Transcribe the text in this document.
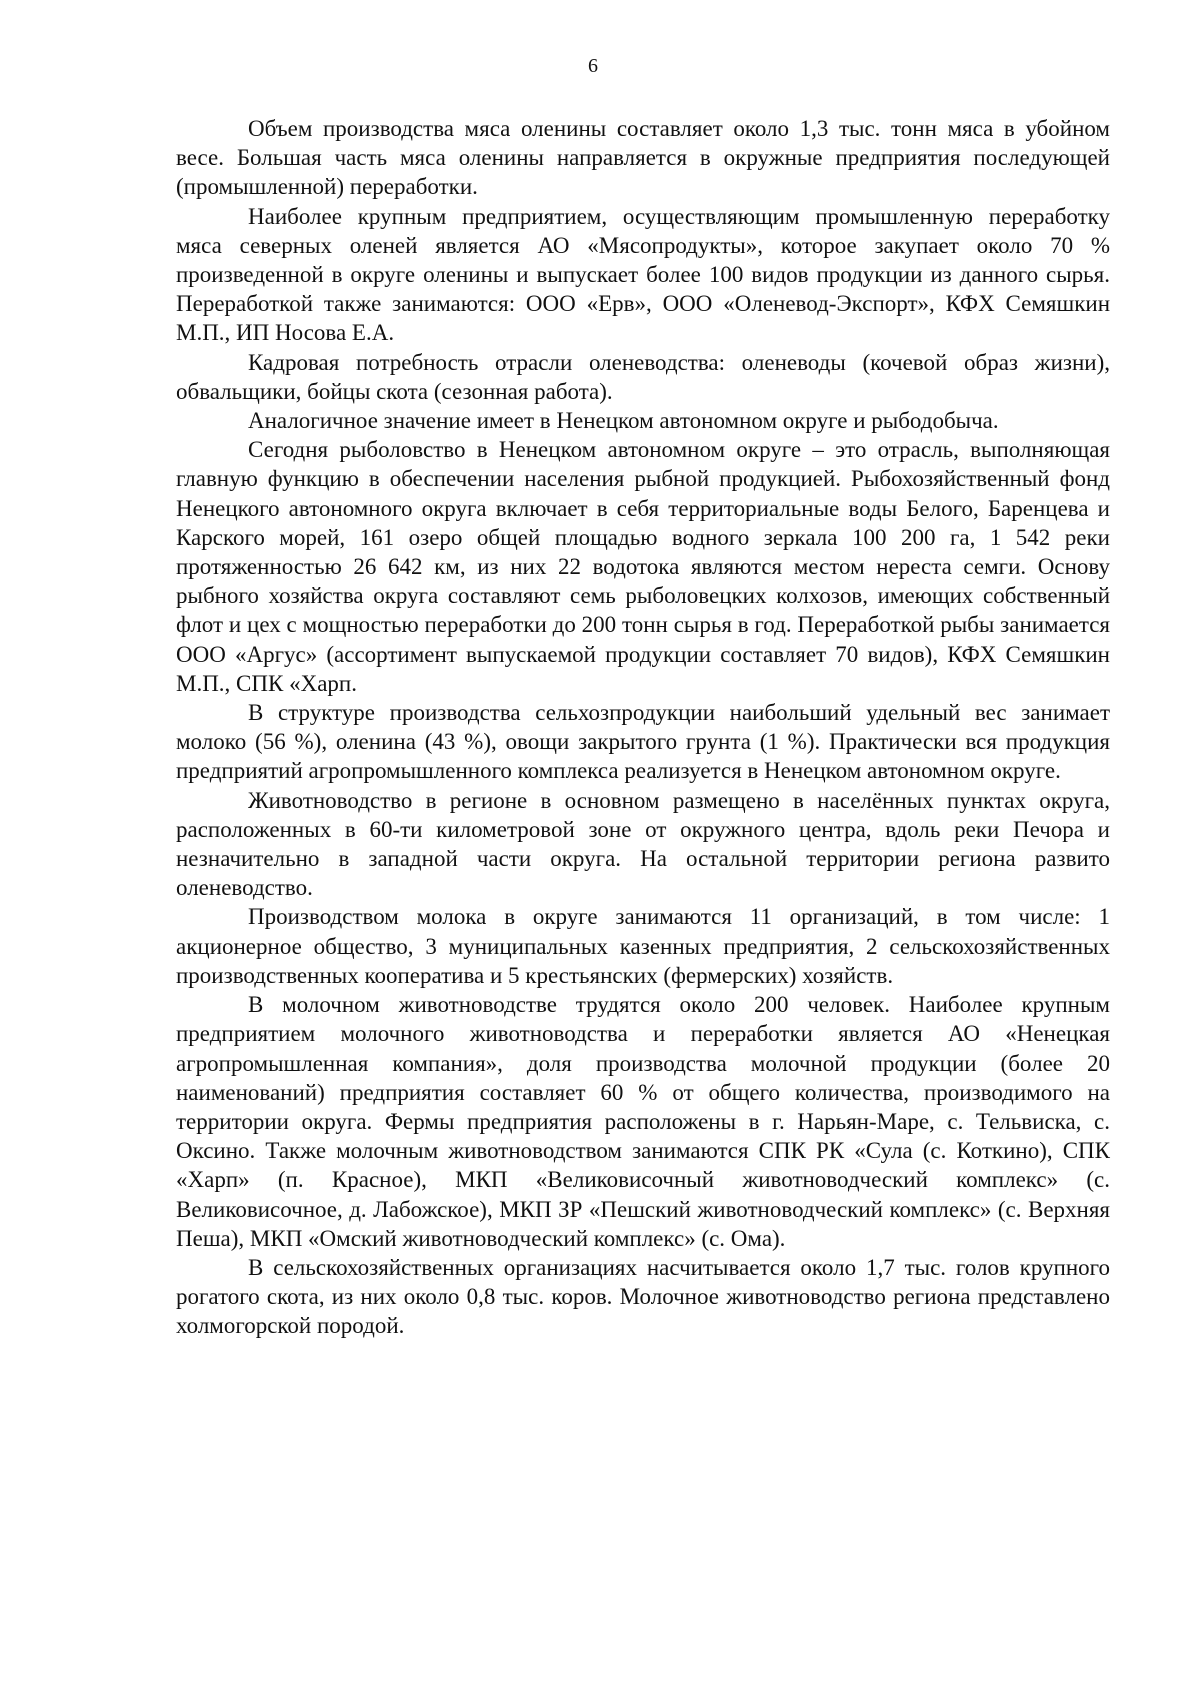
6

Объем производства мяса оленины составляет около 1,3 тыс. тонн мяса в убойном весе. Большая часть мяса оленины направляется в окружные предприятия последующей (промышленной) переработки.

Наиболее крупным предприятием, осуществляющим промышленную переработку мяса северных оленей является АО «Мясопродукты», которое закупает около 70 % произведенной в округе оленины и выпускает более 100 видов продукции из данного сырья. Переработкой также занимаются: ООО «Ерв», ООО «Оленевод-Экспорт», КФХ Семяшкин М.П., ИП Носова Е.А.

Кадровая потребность отрасли оленеводства: оленеводы (кочевой образ жизни), обвальщики, бойцы скота (сезонная работа).

Аналогичное значение имеет в Ненецком автономном округе и рыбодобыча.

Сегодня рыболовство в Ненецком автономном округе – это отрасль, выполняющая главную функцию в обеспечении населения рыбной продукцией. Рыбохозяйственный фонд Ненецкого автономного округа включает в себя территориальные воды Белого, Баренцева и Карского морей, 161 озеро общей площадью водного зеркала 100 200 га, 1 542 реки протяженностью 26 642 км, из них 22 водотока являются местом нереста семги. Основу рыбного хозяйства округа составляют семь рыболовецких колхозов, имеющих собственный флот и цех с мощностью переработки до 200 тонн сырья в год. Переработкой рыбы занимается ООО «Аргус» (ассортимент выпускаемой продукции составляет 70 видов), КФХ Семяшкин М.П., СПК «Харп.

В структуре производства сельхозпродукции наибольший удельный вес занимает молоко (56 %), оленина (43 %), овощи закрытого грунта (1 %). Практически вся продукция предприятий агропромышленного комплекса реализуется в Ненецком автономном округе.

Животноводство в регионе в основном размещено в населённых пунктах округа, расположенных в 60-ти километровой зоне от окружного центра, вдоль реки Печора и незначительно в западной части округа. На остальной территории региона развито оленеводство.

Производством молока в округе занимаются 11 организаций, в том числе: 1 акционерное общество, 3 муниципальных казенных предприятия, 2 сельскохозяйственных производственных кооператива и 5 крестьянских (фермерских) хозяйств.

В молочном животноводстве трудятся около 200 человек. Наиболее крупным предприятием молочного животноводства и переработки является АО «Ненецкая агропромышленная компания», доля производства молочной продукции (более 20 наименований) предприятия составляет 60 % от общего количества, производимого на территории округа. Фермы предприятия расположены в г. Нарьян-Маре, с. Тельвиска, с. Оксино. Также молочным животноводством занимаются СПК РК «Сула (с. Коткино), СПК «Харп» (п. Красное), МКП «Великовисочный животноводческий комплекс» (с. Великовисочное, д. Лабожское), МКП ЗР «Пешский животноводческий комплекс» (с. Верхняя Пеша), МКП «Омский животноводческий комплекс» (с. Ома).

В сельскохозяйственных организациях насчитывается около 1,7 тыс. голов крупного рогатого скота, из них около 0,8 тыс. коров. Молочное животноводство региона представлено холмогорской породой.
